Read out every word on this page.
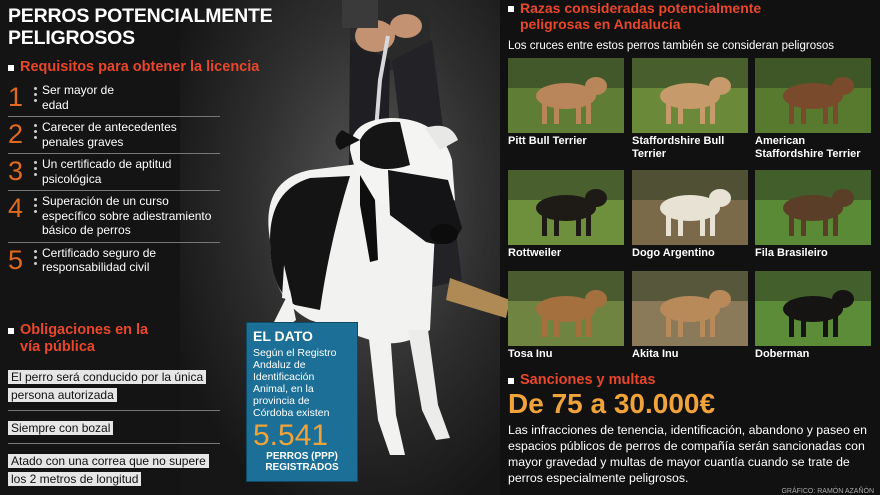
PERROS POTENCIALMENTE PELIGROSOS
Requisitos para obtener la licencia
1	Ser mayor de edad
2	Carecer de antecedentes penales graves
3	Un certificado de aptitud psicológica
4	Superación de un curso específico sobre adiestramiento básico de perros
5	Certificado seguro de responsabilidad civil
Obligaciones en la vía pública
El perro será conducido por la única persona autorizada
Siempre con bozal
Atado con una correa que no supere los 2 metros de longitud
EL DATO
Según el Registro Andaluz de Identificación Animal, en la provincia de Córdoba existen
5.541
PERROS (PPP) REGISTRADOS
Razas consideradas potencialmente peligrosas en Andalucía
Los cruces entre estos perros también se consideran peligrosos
Pitt Bull Terrier	Staffordshire Bull Terrier
American Staffordshire Terrier
Rottweiler	Dogo Argentino	Fila Brasileiro
Tosa Inu	Akita Inu	Doberman
Sanciones y multas
De 75 a 30.000€
Las infracciones de tenencia, identificación, abandono y paseo en espacios públicos de perros de compañía serán sancionadas con mayor gravedad y multas de mayor cuantía cuando se trate de perros especialmente peligrosos.
GRÁFICO: RAMÓN AZAÑÓN
